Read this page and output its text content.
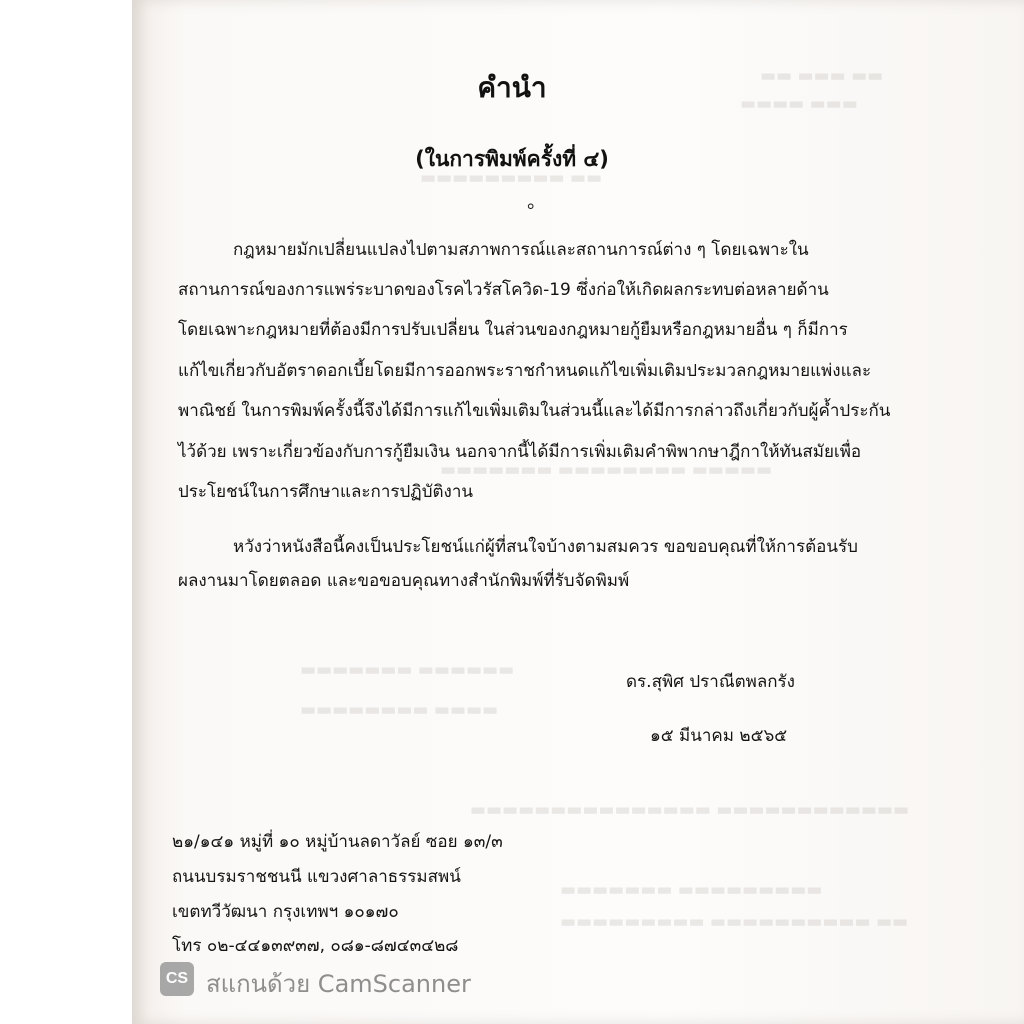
▬▬ ▬▬▬ ▬▬
▬▬▬ ▬▬▬▬
▬▬ ▬▬▬▬▬▬▬▬▬
▬▬▬▬▬ ▬▬▬▬▬▬▬▬ ▬▬▬▬▬▬▬
▬▬▬▬▬▬ ▬▬▬▬▬▬▬
▬▬▬▬ ▬▬▬▬▬▬▬▬
▬▬▬▬▬▬▬▬▬▬▬▬ ▬▬▬▬▬▬▬▬▬▬▬▬▬▬▬
▬▬▬▬▬▬▬▬▬ ▬▬▬▬▬▬▬
▬▬ ▬▬▬▬▬▬▬▬▬▬ ▬▬▬▬▬▬▬▬▬
คำนำ
(ในการพิมพ์ครั้งที่ ๔)
๐
กฎหมายมักเปลี่ยนแปลงไปตามสภาพการณ์และสถานการณ์ต่าง ๆ โดยเฉพาะใน
สถานการณ์ของการแพร่ระบาดของโรคไวรัสโควิด-19 ซึ่งก่อให้เกิดผลกระทบต่อหลายด้าน
โดยเฉพาะกฎหมายที่ต้องมีการปรับเปลี่ยน ในส่วนของกฎหมายกู้ยืมหรือกฎหมายอื่น ๆ ก็มีการ
แก้ไขเกี่ยวกับอัตราดอกเบี้ยโดยมีการออกพระราชกำหนดแก้ไขเพิ่มเติมประมวลกฎหมายแพ่งและ
พาณิชย์ ในการพิมพ์ครั้งนี้จึงได้มีการแก้ไขเพิ่มเติมในส่วนนี้และได้มีการกล่าวถึงเกี่ยวกับผู้ค้ำประกัน
ไว้ด้วย เพราะเกี่ยวข้องกับการกู้ยืมเงิน นอกจากนี้ได้มีการเพิ่มเติมคำพิพากษาฎีกาให้ทันสมัยเพื่อ
ประโยชน์ในการศึกษาและการปฏิบัติงาน
หวังว่าหนังสือนี้คงเป็นประโยชน์แก่ผู้ที่สนใจบ้างตามสมควร ขอขอบคุณที่ให้การต้อนรับ
ผลงานมาโดยตลอด และขอขอบคุณทางสำนักพิมพ์ที่รับจัดพิมพ์
ดร.สุพิศ ปราณีตพลกรัง
๑๕ มีนาคม ๒๕๖๕
๒๑/๑๔๑ หมู่ที่ ๑๐ หมู่บ้านลดาวัลย์ ซอย ๑๓/๓
ถนนบรมราชชนนี แขวงศาลาธรรมสพน์
เขตทวีวัฒนา กรุงเทพฯ ๑๐๑๗๐
โทร ๐๒-๔๔๑๓๙๓๗, ๐๘๑-๘๗๔๓๔๒๘
CS สแกนด้วย CamScanner
